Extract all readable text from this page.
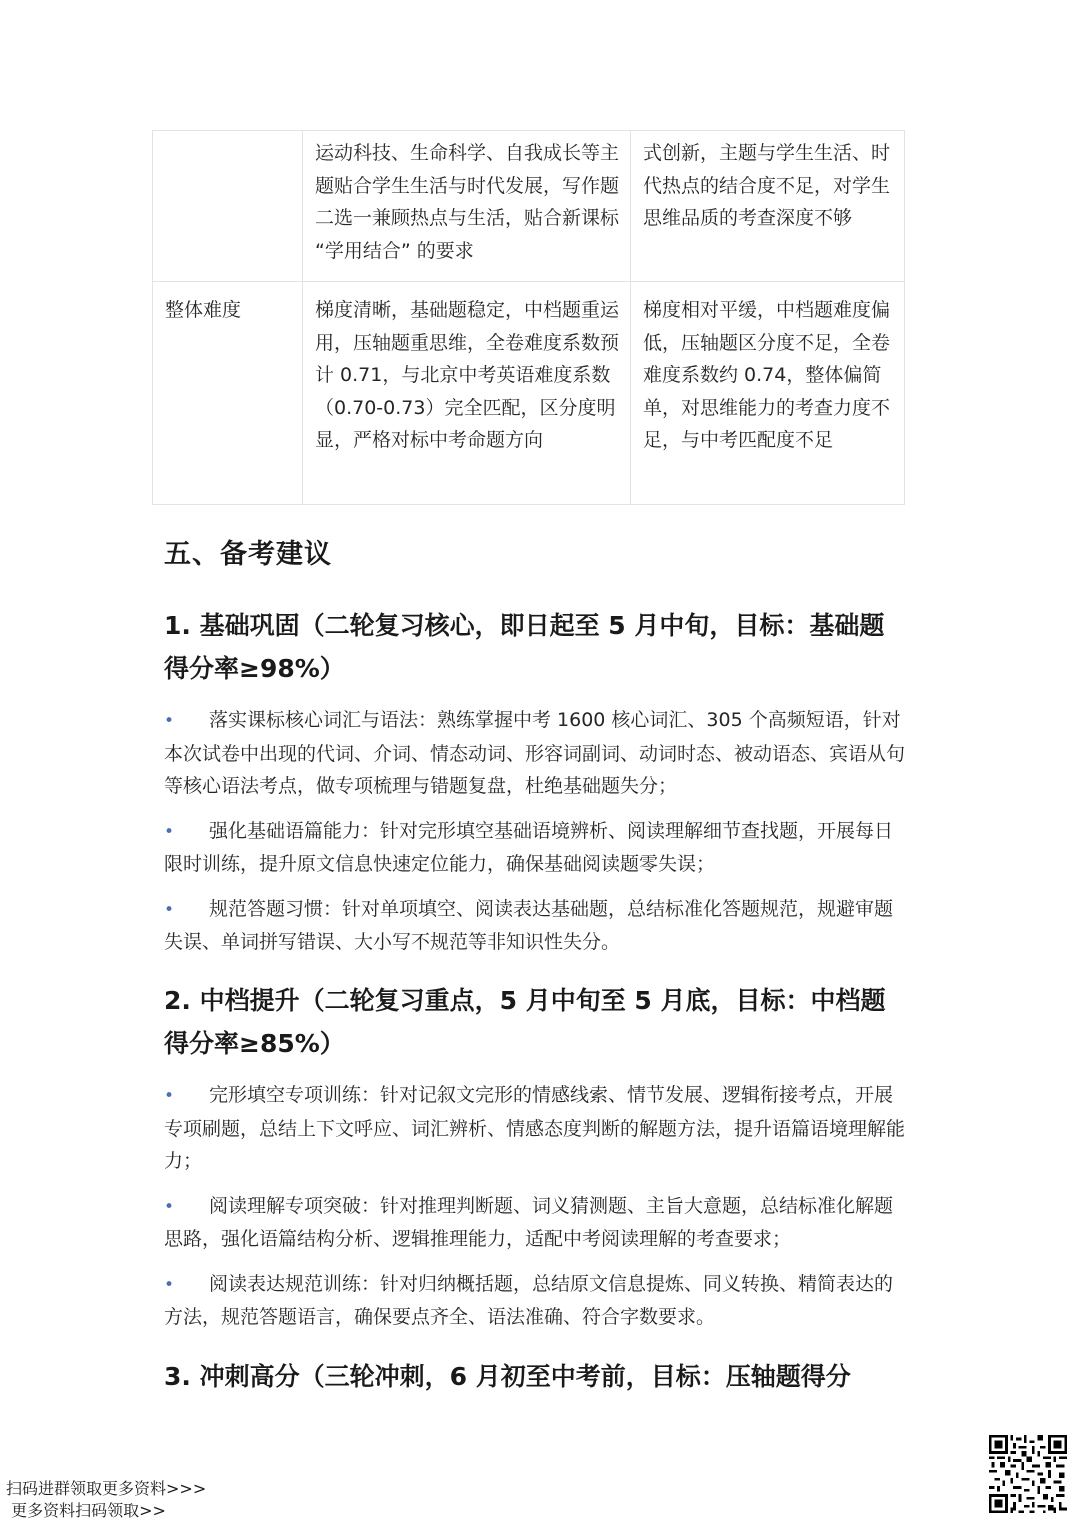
	运动科技、生命科学、自我成长等主题贴合学生生活与时代发展，写作题二选一兼顾热点与生活，贴合新课标 “学用结合” 的要求	式创新，主题与学生生活、时代热点的结合度不足，对学生思维品质的考查深度不够
整体难度	梯度清晰，基础题稳定，中档题重运用，压轴题重思维，全卷难度系数预计 0.71，与北京中考英语难度系数（0.70-0.73）完全匹配，区分度明显，严格对标中考命题方向	梯度相对平缓，中档题难度偏低，压轴题区分度不足，全卷难度系数约 0.74，整体偏简单，对思维能力的考查力度不足，与中考匹配度不足
五、备考建议
1. 基础巩固（二轮复习核心，即日起至 5 月中旬，目标：基础题得分率≥98%）
• 落实课标核心词汇与语法：熟练掌握中考 1600 核心词汇、305 个高频短语，针对本次试卷中出现的代词、介词、情态动词、形容词副词、动词时态、被动语态、宾语从句等核心语法考点，做专项梳理与错题复盘，杜绝基础题失分；
• 强化基础语篇能力：针对完形填空基础语境辨析、阅读理解细节查找题，开展每日限时训练，提升原文信息快速定位能力，确保基础阅读题零失误；
• 规范答题习惯：针对单项填空、阅读表达基础题，总结标准化答题规范，规避审题失误、单词拼写错误、大小写不规范等非知识性失分。
2. 中档提升（二轮复习重点，5 月中旬至 5 月底，目标：中档题得分率≥85%）
• 完形填空专项训练：针对记叙文完形的情感线索、情节发展、逻辑衔接考点，开展专项刷题，总结上下文呼应、词汇辨析、情感态度判断的解题方法，提升语篇语境理解能力；
• 阅读理解专项突破：针对推理判断题、词义猜测题、主旨大意题，总结标准化解题思路，强化语篇结构分析、逻辑推理能力，适配中考阅读理解的考查要求；
• 阅读表达规范训练：针对归纳概括题，总结原文信息提炼、同义转换、精简表达的方法，规范答题语言，确保要点齐全、语法准确、符合字数要求。
3. 冲刺高分（三轮冲刺，6 月初至中考前，目标：压轴题得分
扫码进群领取更多资料>>>
更多资料扫码领取>>
